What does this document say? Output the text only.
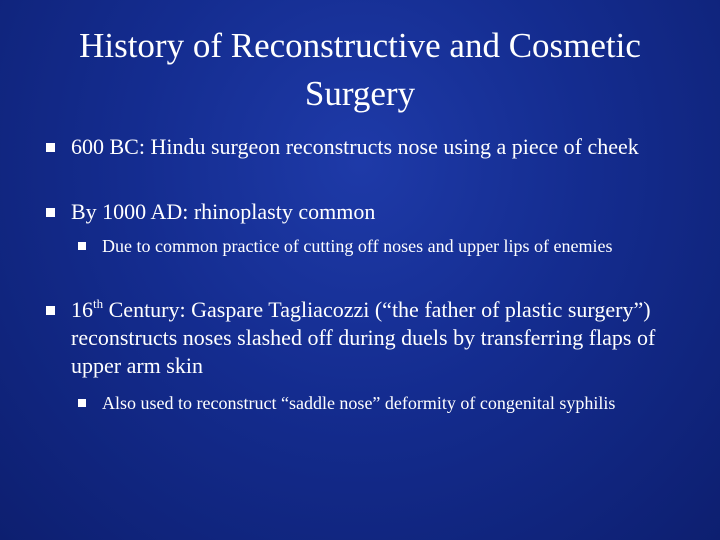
History of Reconstructive and Cosmetic Surgery
600 BC: Hindu surgeon reconstructs nose using a piece of cheek
By 1000 AD: rhinoplasty common
Due to common practice of cutting off noses and upper lips of enemies
16th Century: Gaspare Tagliacozzi (“the father of plastic surgery”) reconstructs noses slashed off during duels by transferring flaps of upper arm skin
Also used to reconstruct “saddle nose” deformity of congenital syphilis
